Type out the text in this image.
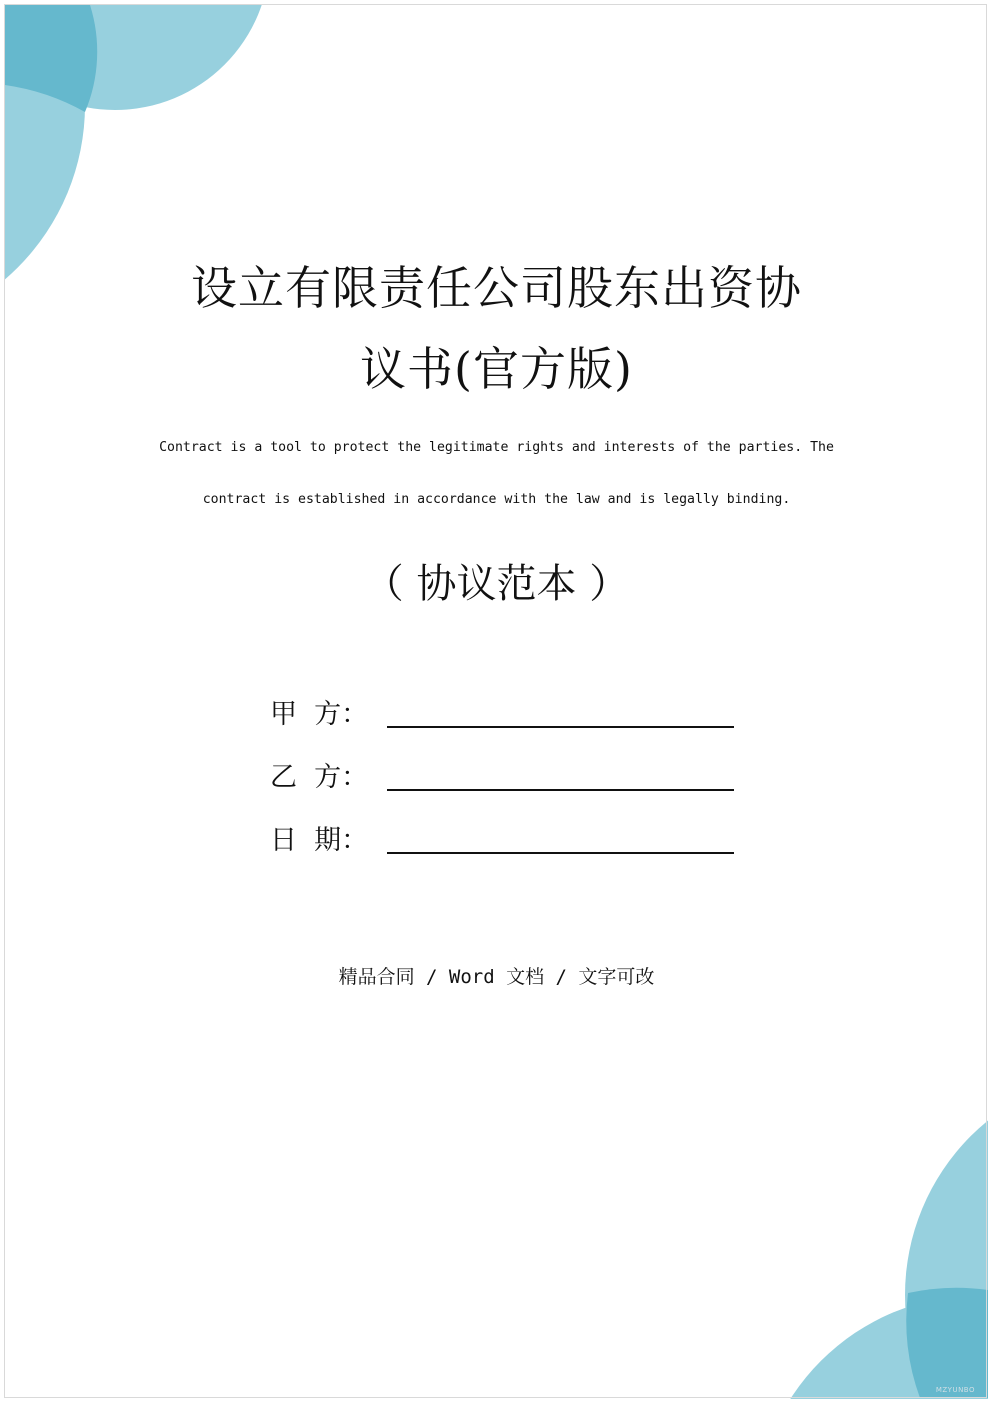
设立有限责任公司股东出资协
议书(官方版)

Contract is a tool to protect the legitimate rights and interests of the parties. The

contract is established in accordance with the law and is legally binding.

（ 协议范本 ）

甲  方：
乙  方：
日  期：

精品合同 / Word 文档 / 文字可改

MZYUNBO
